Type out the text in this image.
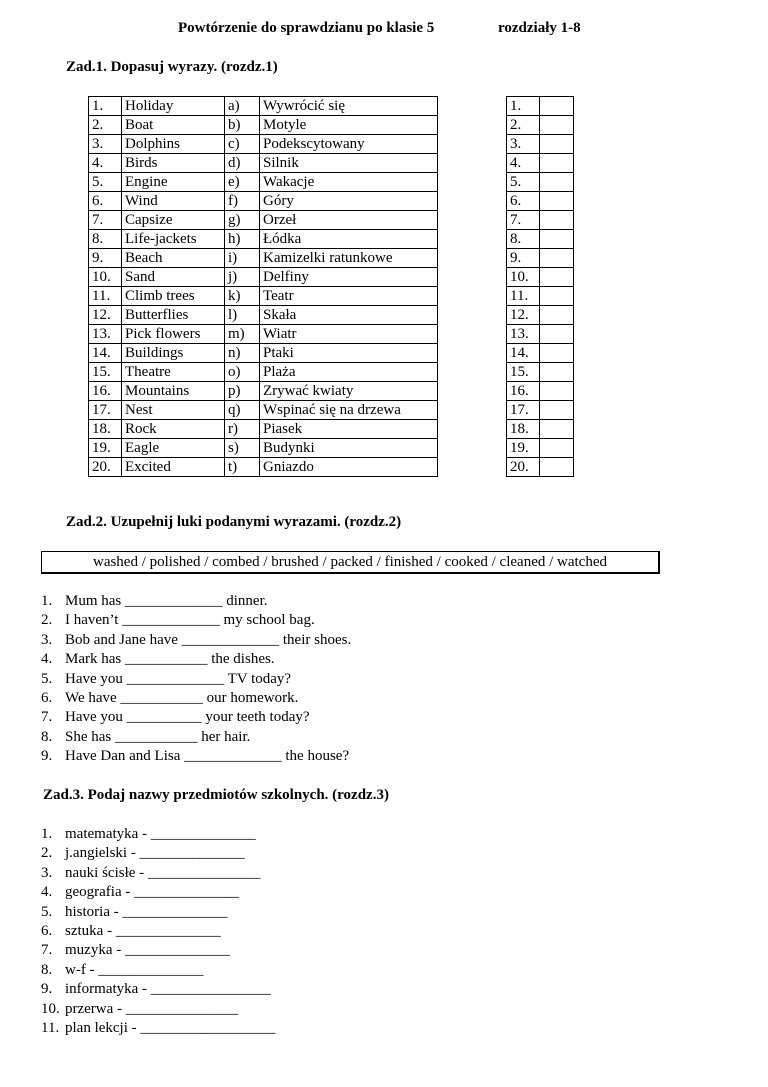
Powtórzenie do sprawdzianu po klasie 5	rozdziały 1-8
Zad.1. Dopasuj wyrazy. (rozdz.1)
1.	Holiday	a)	Wywrócić się
2.	Boat	b)	Motyle
3.	Dolphins	c)	Podekscytowany
4.	Birds	d)	Silnik
5.	Engine	e)	Wakacje
6.	Wind	f)	Góry
7.	Capsize	g)	Orzeł
8.	Life-jackets	h)	Łódka
9.	Beach	i)	Kamizelki ratunkowe
10.	Sand	j)	Delfiny
11.	Climb trees	k)	Teatr
12.	Butterflies	l)	Skała
13.	Pick flowers	m)	Wiatr
14.	Buildings	n)	Ptaki
15.	Theatre	o)	Plaża
16.	Mountains	p)	Zrywać kwiaty
17.	Nest	q)	Wspinać się na drzewa
18.	Rock	r)	Piasek
19.	Eagle	s)	Budynki
20.	Excited	t)	Gniazdo
1.	
2.	
3.	
4.	
5.	
6.	
7.	
8.	
9.	
10.	
11.	
12.	
13.	
14.	
15.	
16.	
17.	
18.	
19.	
20.	
Zad.2. Uzupełnij luki podanymi wyrazami. (rozdz.2)
washed / polished / combed / brushed / packed / finished / cooked / cleaned / watched
1. Mum has _____________ dinner.
2. I haven’t _____________ my school bag.
3. Bob and Jane have _____________ their shoes.
4. Mark has ___________ the dishes.
5. Have you _____________ TV today?
6. We have ___________ our homework.
7. Have you __________ your teeth today?
8. She has ___________ her hair.
9. Have Dan and Lisa _____________ the house?
Zad.3. Podaj nazwy przedmiotów szkolnych. (rozdz.3)
1. matematyka - ______________
2. j.angielski - ______________
3. nauki ścisłe - _______________
4. geografia - ______________
5. historia - ______________
6. sztuka - ______________
7. muzyka - ______________
8. w-f - ______________
9. informatyka - ________________
10. przerwa - _______________
11. plan lekcji - __________________
